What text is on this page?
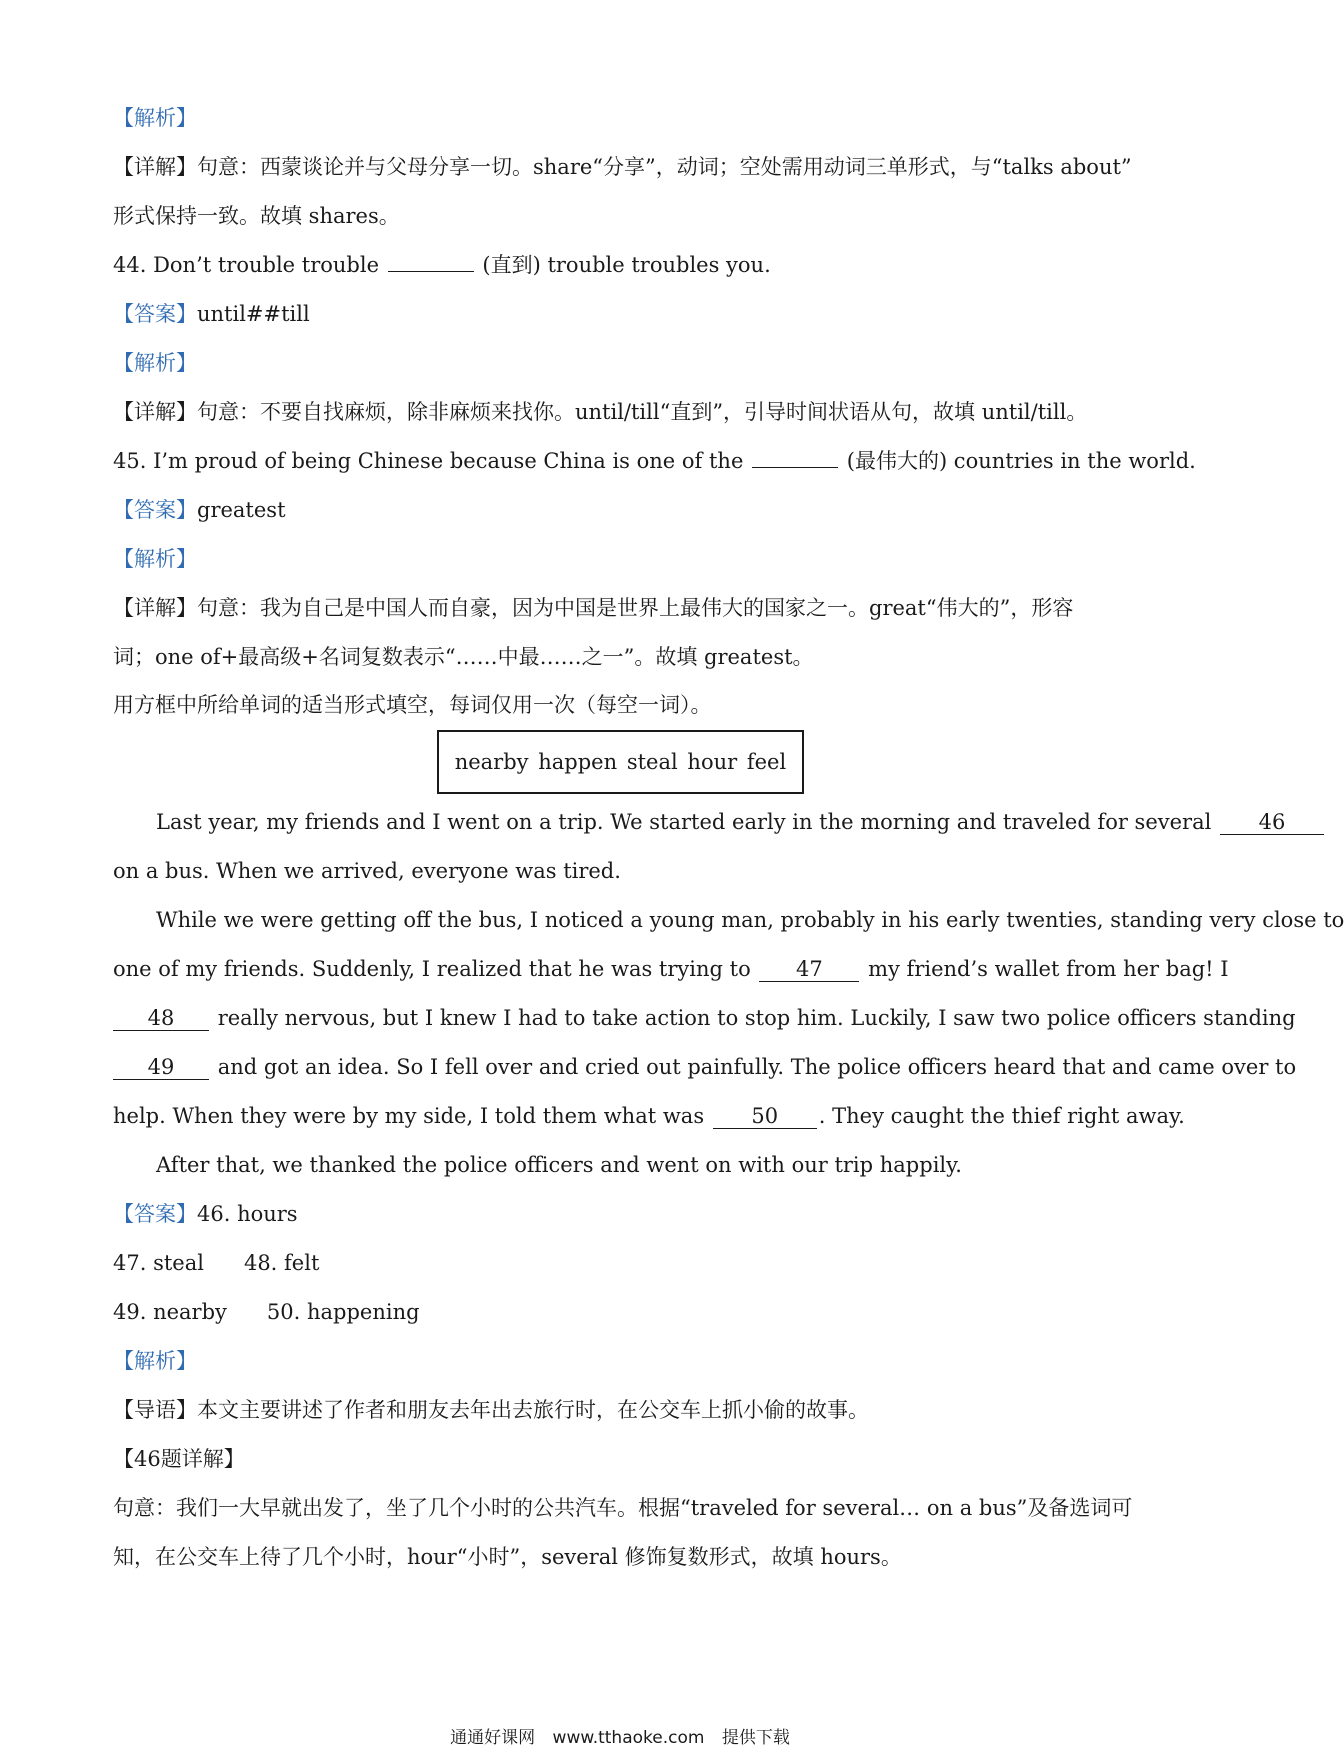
【解析】
【详解】句意：西蒙谈论并与父母分享一切。share“分享”，动词；空处需用动词三单形式，与“talks about”
形式保持一致。故填 shares。
44. Don’t trouble trouble	(直到) trouble troubles you.
【答案】until##till
【解析】
【详解】句意：不要自找麻烦，除非麻烦来找你。until/till“直到”，引导时间状语从句，故填 until/till。
45. I’m proud of being Chinese because China is one of the	(最伟大的) countries in the world.
【答案】greatest
【解析】
【详解】句意：我为自己是中国人而自豪，因为中国是世界上最伟大的国家之一。great“伟大的”，形容
词；one of+最高级+名词复数表示“……中最……之一”。故填 greatest。
用方框中所给单词的适当形式填空，每词仅用一次（每空一词）。
nearby happen steal hour feel
Last year, my friends and I went on a trip. We started early in the morning and traveled for several 46
on a bus. When we arrived, everyone was tired.
While we were getting off the bus, I noticed a young man, probably in his early twenties, standing very close to
one of my friends. Suddenly, I realized that he was trying to 47 my friend’s wallet from her bag! I
48 really nervous, but I knew I had to take action to stop him. Luckily, I saw two police officers standing
49 and got an idea. So I fell over and cried out painfully. The police officers heard that and came over to
help. When they were by my side, I told them what was 50 . They caught the thief right away.
After that, we thanked the police officers and went on with our trip happily.
【答案】46. hours
47. steal 48. felt
49. nearby 50. happening
【解析】
【导语】本文主要讲述了作者和朋友去年出去旅行时，在公交车上抓小偷的故事。
【46题详解】
句意：我们一大早就出发了，坐了几个小时的公共汽车。根据“traveled for several… on a bus”及备选词可
知，在公交车上待了几个小时，hour“小时”，several 修饰复数形式，故填 hours。
通通好课网 www.tthaoke.com 提供下载
